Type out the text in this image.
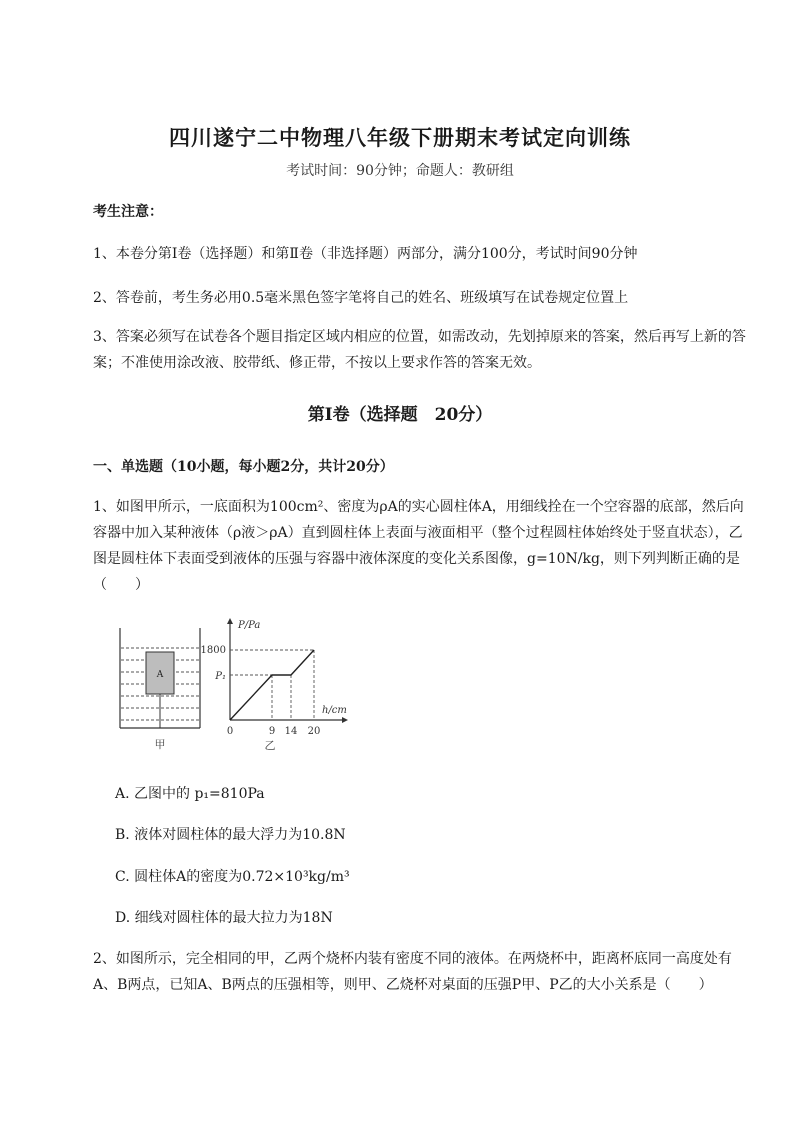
四川遂宁二中物理八年级下册期末考试定向训练
考试时间：90分钟；命题人：教研组
考生注意：
1、本卷分第I卷（选择题）和第Ⅱ卷（非选择题）两部分，满分100分，考试时间90分钟
2、答卷前，考生务必用0.5毫米黑色签字笔将自己的姓名、班级填写在试卷规定位置上
3、答案必须写在试卷各个题目指定区域内相应的位置，如需改动，先划掉原来的答案，然后再写上新的答案；不准使用涂改液、胶带纸、修正带，不按以上要求作答的答案无效。
第I卷（选择题　20分）
一、单选题（10小题，每小题2分，共计20分）
1、如图甲所示，一底面积为100cm²、密度为ρA的实心圆柱体A，用细线拴在一个空容器的底部，然后向容器中加入某种液体（ρ液＞ρA）直到圆柱体上表面与液面相平（整个过程圆柱体始终处于竖直状态），乙图是圆柱体下表面受到液体的压强与容器中液体深度的变化关系图像，g=10N/kg，则下列判断正确的是（　　）
A
甲
P/Pa
h/cm
1800
P₁
0	9 14 20
乙
A. 乙图中的 p₁=810Pa
B. 液体对圆柱体的最大浮力为10.8N
C. 圆柱体A的密度为0.72×10³kg/m³
D. 细线对圆柱体的最大拉力为18N
2、如图所示，完全相同的甲，乙两个烧杯内装有密度不同的液体。在两烧杯中，距离杯底同一高度处有A、B两点，已知A、B两点的压强相等，则甲、乙烧杯对桌面的压强P甲、P乙的大小关系是（　　）
